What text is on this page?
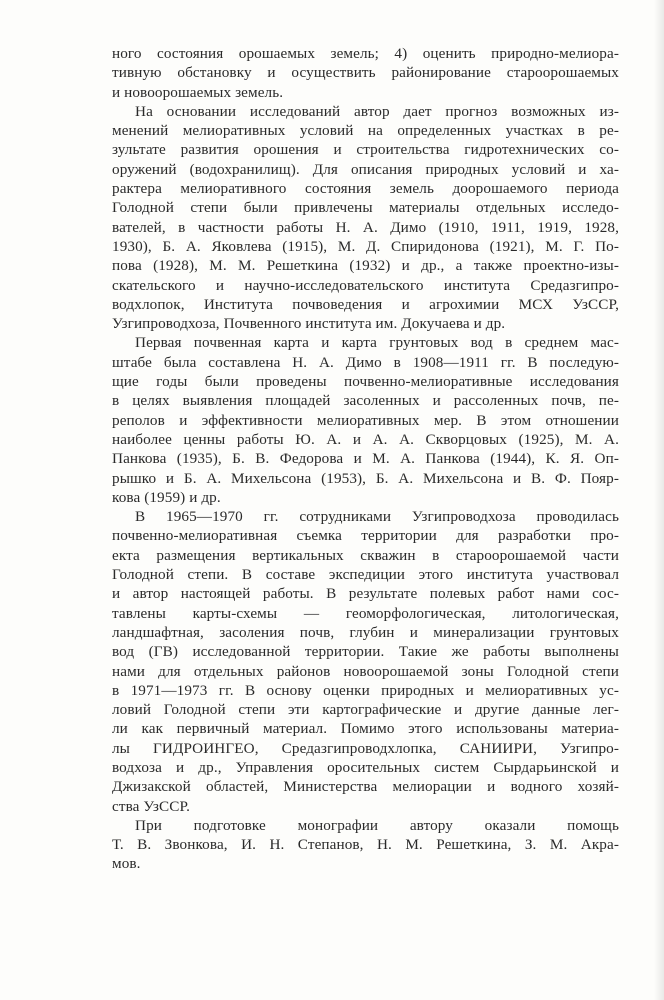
ного состояния орошаемых земель; 4) оценить природно-мелиора-
тивную обстановку и осуществить районирование староорошаемых
и новоорошаемых земель.

На основании исследований автор дает прогноз возможных из-
менений мелиоративных условий на определенных участках в ре-
зультате развития орошения и строительства гидротехнических со-
оружений (водохранилищ). Для описания природных условий и ха-
рактера мелиоративного состояния земель доорошаемого периода
Голодной степи были привлечены материалы отдельных исследо-
вателей, в частности работы Н. А. Димо (1910, 1911, 1919, 1928,
1930), Б. А. Яковлева (1915), М. Д. Спиридонова (1921), М. Г. По-
пова (1928), М. М. Решеткина (1932) и др., а также проектно-изы-
скательского и научно-исследовательского института Средазгипро-
водхлопок, Института почвоведения и агрохимии МСХ УзССР,
Узгипроводхоза, Почвенного института им. Докучаева и др.

Первая почвенная карта и карта грунтовых вод в среднем мас-
штабе была составлена Н. А. Димо в 1908—1911 гг. В последую-
щие годы были проведены почвенно-мелиоративные исследования
в целях выявления площадей засоленных и рассоленных почв, пе-
реполов и эффективности мелиоративных мер. В этом отношении
наиболее ценны работы Ю. А. и А. А. Скворцовых (1925), М. А.
Панкова (1935), Б. В. Федорова и М. А. Панкова (1944), К. Я. Оп-
рышко и Б. А. Михельсона (1953), Б. А. Михельсона и В. Ф. Пояр-
кова (1959) и др.

В 1965—1970 гг. сотрудниками Узгипроводхоза проводилась
почвенно-мелиоративная съемка территории для разработки про-
екта размещения вертикальных скважин в староорошаемой части
Голодной степи. В составе экспедиции этого института участвовал
и автор настоящей работы. В результате полевых работ нами сос-
тавлены карты-схемы — геоморфологическая, литологическая,
ландшафтная, засоления почв, глубин и минерализации грунтовых
вод (ГВ) исследованной территории. Такие же работы выполнены
нами для отдельных районов новоорошаемой зоны Голодной степи
в 1971—1973 гг. В основу оценки природных и мелиоративных ус-
ловий Голодной степи эти картографические и другие данные лег-
ли как первичный материал. Помимо этого использованы материа-
лы ГИДРОИНГЕО, Средазгипроводхлопка, САНИИРИ, Узгипро-
водхоза и др., Управления оросительных систем Сырдарьинской и
Джизакской областей, Министерства мелиорации и водного хозяй-
ства УзССР.

При подготовке монографии автору оказали помощь
Т. В. Звонкова, И. Н. Степанов, Н. М. Решеткина, З. М. Акра-
мов.
